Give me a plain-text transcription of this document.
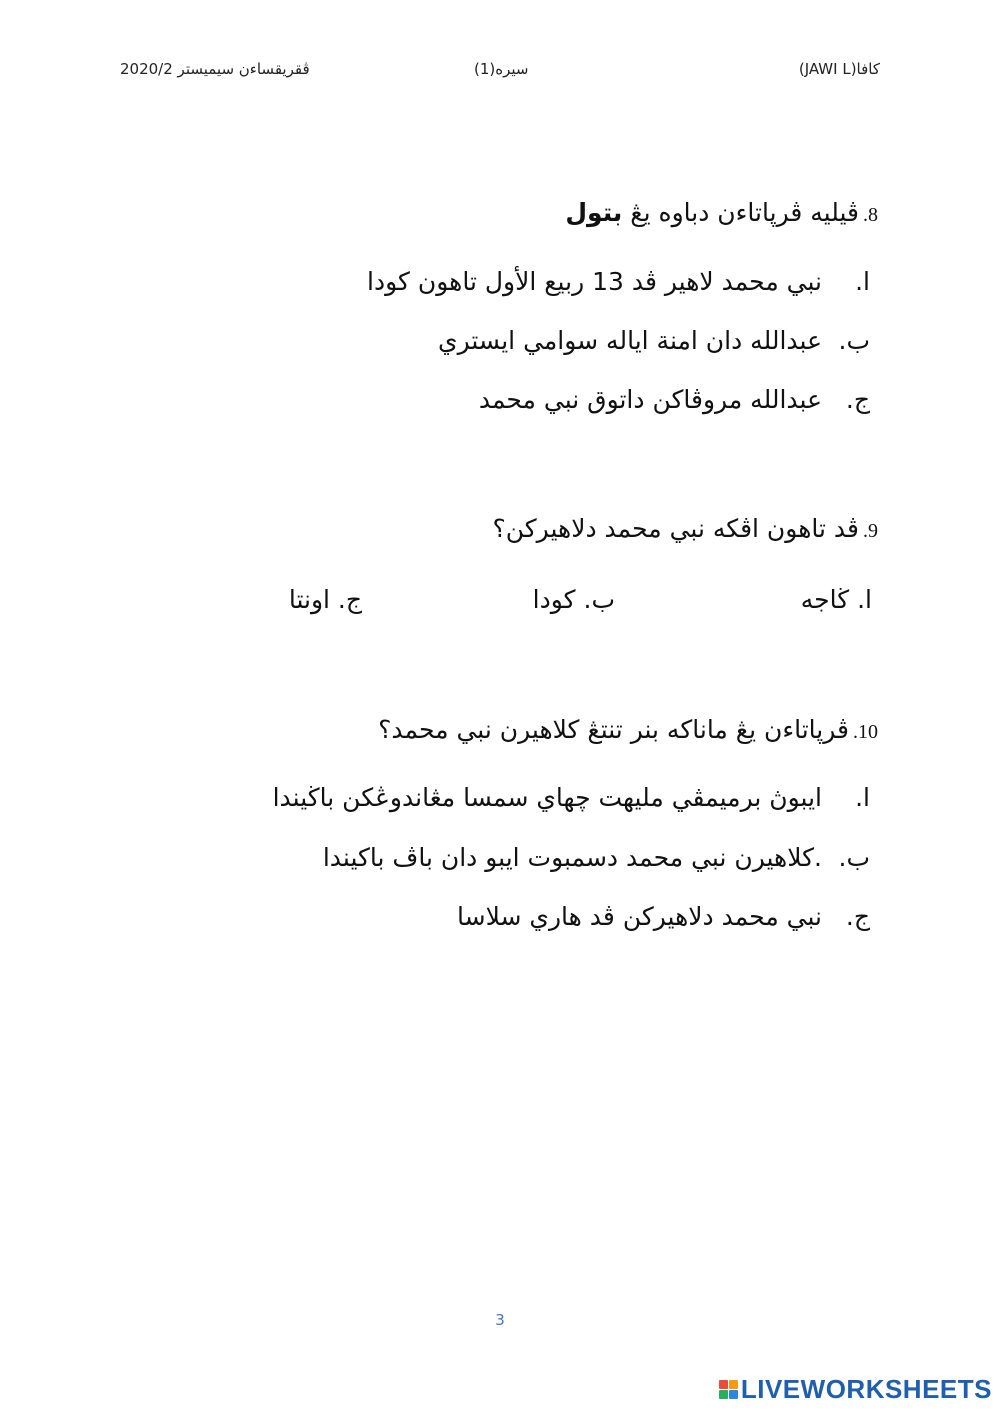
ڤقريقساءن سيميستر 2020/2	سيره(1)	كافا(JAWI L)
8.ڤيليه ڤرپاتاءن دباوه يڠ بتول
ا.
نبي محمد لاهير ڤد 13 ربيع الأول تاهون كودا
ب.
عبدالله دان امنة اياله سوامي ايستري
ج.
عبدالله مروڤاكن داتوق نبي محمد
9.ڤد تاهون اڤكه نبي محمد دلاهيركن؟
ا. ڬاجه
ب. كودا
ج. اونتا
10.ڤرپاتاءن يڠ ماناكه بنر تنتڠ كلاهيرن نبي محمد؟
ا.
ايبوڽ برميمڤي مليهت چهاي سمسا مڠاندوڠكن باڬيندا
ب.
.كلاهيرن نبي محمد دسمبوت ايبو دان باڤ باكيندا
ج.
نبي محمد دلاهيركن ڤد هاري سلاسا
3
LIVEWORKSHEETS
